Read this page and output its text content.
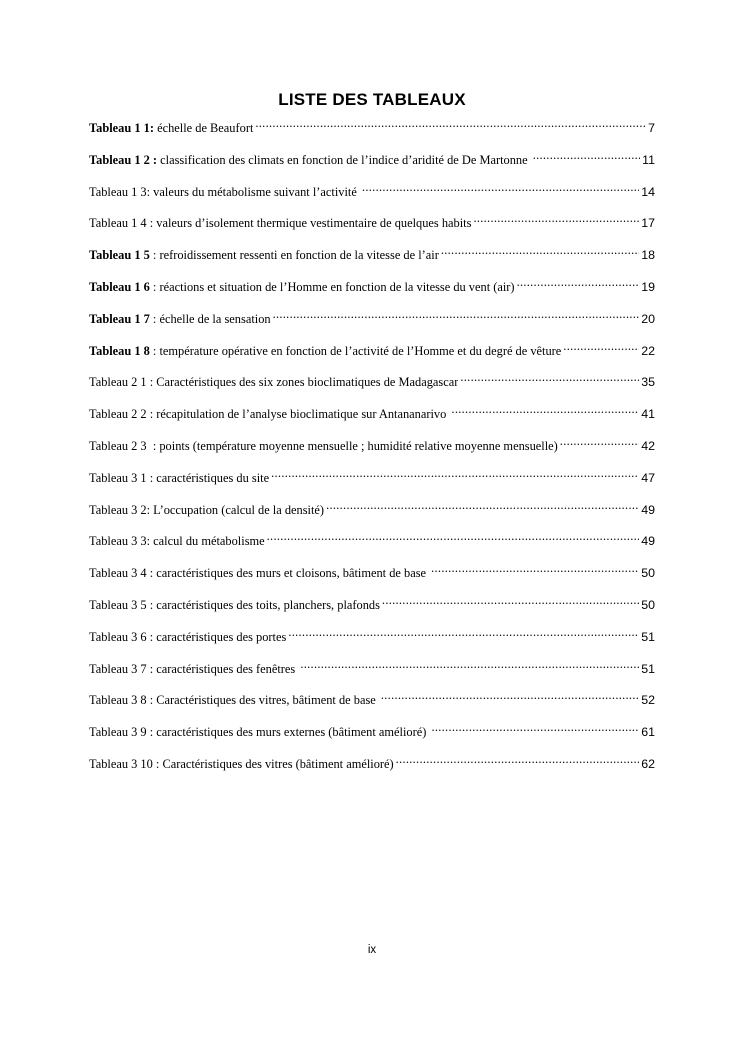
LISTE DES TABLEAUX
Tableau 1 1: échelle de Beaufort .....	7
Tableau 1 2 : classification des climats en fonction de l’indice d’aridité de De Martonne .....	11
Tableau 1 3: valeurs du métabolisme suivant l’activité .....	14
Tableau 1 4 : valeurs d’isolement thermique vestimentaire de quelques habits .....	17
Tableau 1 5 : refroidissement ressenti en fonction de la vitesse de l’air .....	18
Tableau 1 6 : réactions et situation de l’Homme en fonction de la vitesse du vent (air) .....	19
Tableau 1 7 : échelle de la sensation .....	20
Tableau 1 8 : température opérative en fonction de l’activité de l’Homme et du degré de vêture .....	22
Tableau 2 1 : Caractéristiques des six zones bioclimatiques de Madagascar .....	35
Tableau 2 2 : récapitulation de l’analyse bioclimatique sur Antananarivo .....	41
Tableau 2 3  : points (température moyenne mensuelle ; humidité relative moyenne mensuelle) .....	42
Tableau 3 1 : caractéristiques du site .....	47
Tableau 3 2: L’occupation (calcul de la densité) .....	49
Tableau 3 3: calcul du métabolisme .....	49
Tableau 3 4 : caractéristiques des murs et cloisons, bâtiment de base .....	50
Tableau 3 5 : caractéristiques des toits, planchers, plafonds .....	50
Tableau 3 6 : caractéristiques des portes .....	51
Tableau 3 7 : caractéristiques des fenêtres .....	51
Tableau 3 8 : Caractéristiques des vitres, bâtiment de base .....	52
Tableau 3 9 : caractéristiques des murs externes (bâtiment amélioré) .....	61
Tableau 3 10 : Caractéristiques des vitres (bâtiment amélioré) .....	62
ix
